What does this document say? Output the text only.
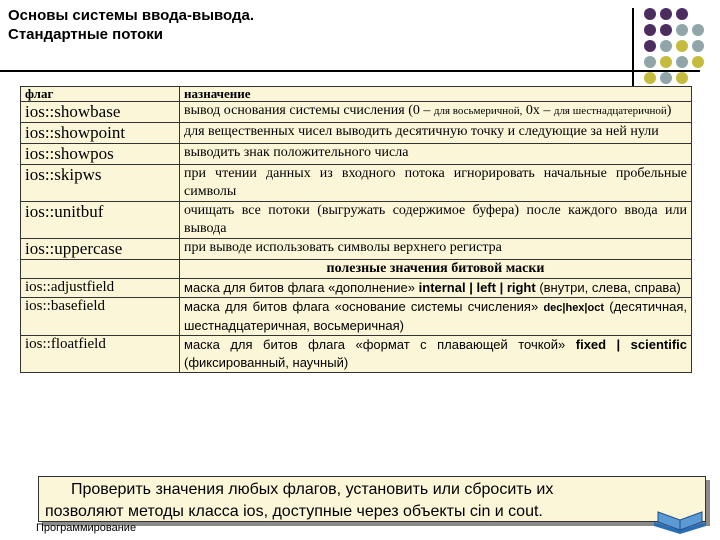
Основы системы ввода-вывода.
Стандартные потоки
флаг	назначение
ios::showbase	вывод основания системы счисления (0 – для восьмеричной, 0x – для шестнадцатеричной)
ios::showpoint	для вещественных чисел выводить десятичную точку и следующие за ней нули
ios::showpos	выводить знак положительного числа
ios::skipws	при чтении данных из входного потока игнорировать начальные пробельные символы
ios::unitbuf	очищать все потоки (выгружать содержимое буфера) после каждого ввода или вывода
ios::uppercase	при выводе использовать символы верхнего регистра
	полезные значения битовой маски
ios::adjustfield	маска для битов флага «дополнение» internal | left | right (внутри, слева, справа)
ios::basefield	маска для битов флага «основание системы счисления» dec|hex|oct (десятичная, шестнадцатеричная, восьмеричная)
ios::floatfield	маска для битов флага «формат с плавающей точкой» fixed | scientific (фиксированный, научный)
Проверить значения любых флагов, установить или сбросить их
позволяют методы класса ios, доступные через объекты cin и cout.
Программирование
